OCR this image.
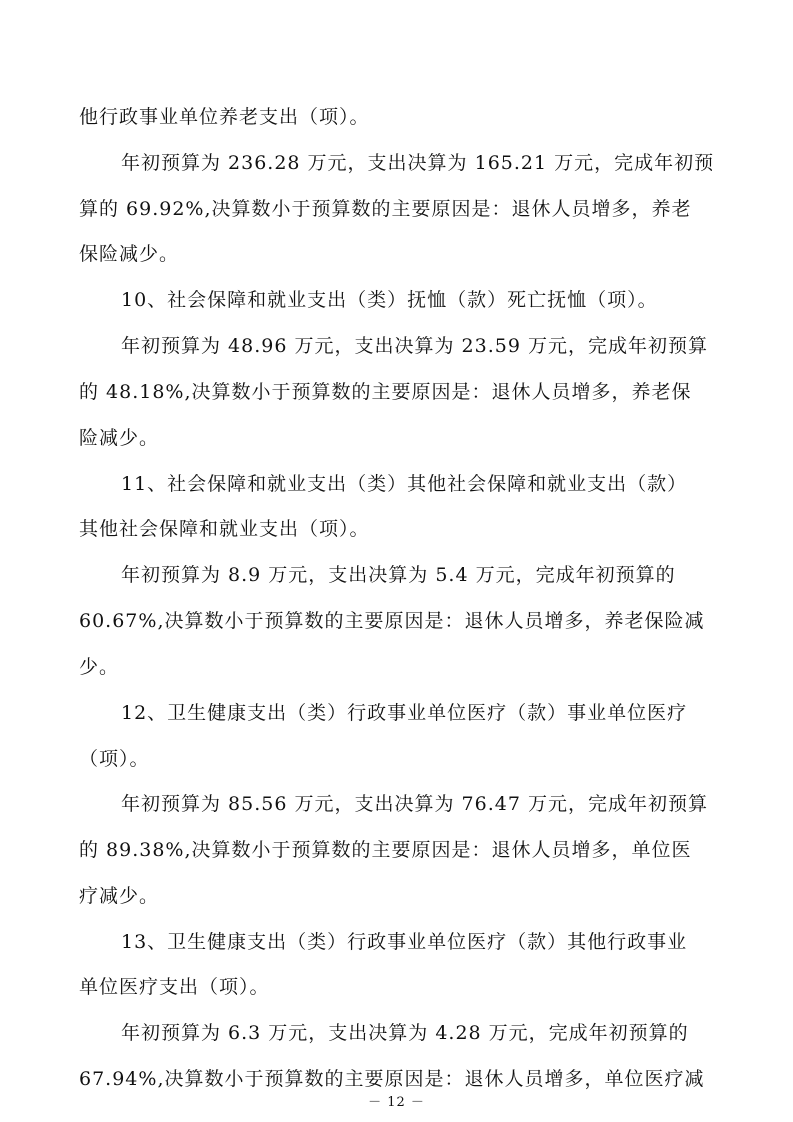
他行政事业单位养老支出（项）。
年初预算为 236.28 万元，支出决算为 165.21 万元，完成年初预
算的 69.92%,决算数小于预算数的主要原因是：退休人员增多，养老
保险减少。
10、社会保障和就业支出（类）抚恤（款）死亡抚恤（项）。
年初预算为 48.96 万元，支出决算为 23.59 万元，完成年初预算
的 48.18%,决算数小于预算数的主要原因是：退休人员增多，养老保
险减少。
11、社会保障和就业支出（类）其他社会保障和就业支出（款）
其他社会保障和就业支出（项）。
年初预算为 8.9 万元，支出决算为 5.4 万元，完成年初预算的
60.67%,决算数小于预算数的主要原因是：退休人员增多，养老保险减
少。
12、卫生健康支出（类）行政事业单位医疗（款）事业单位医疗
（项）。
年初预算为 85.56 万元，支出决算为 76.47 万元，完成年初预算
的 89.38%,决算数小于预算数的主要原因是：退休人员增多，单位医
疗减少。
13、卫生健康支出（类）行政事业单位医疗（款）其他行政事业
单位医疗支出（项）。
年初预算为 6.3 万元，支出决算为 4.28 万元，完成年初预算的
67.94%,决算数小于预算数的主要原因是：退休人员增多，单位医疗减
－ 12 －
